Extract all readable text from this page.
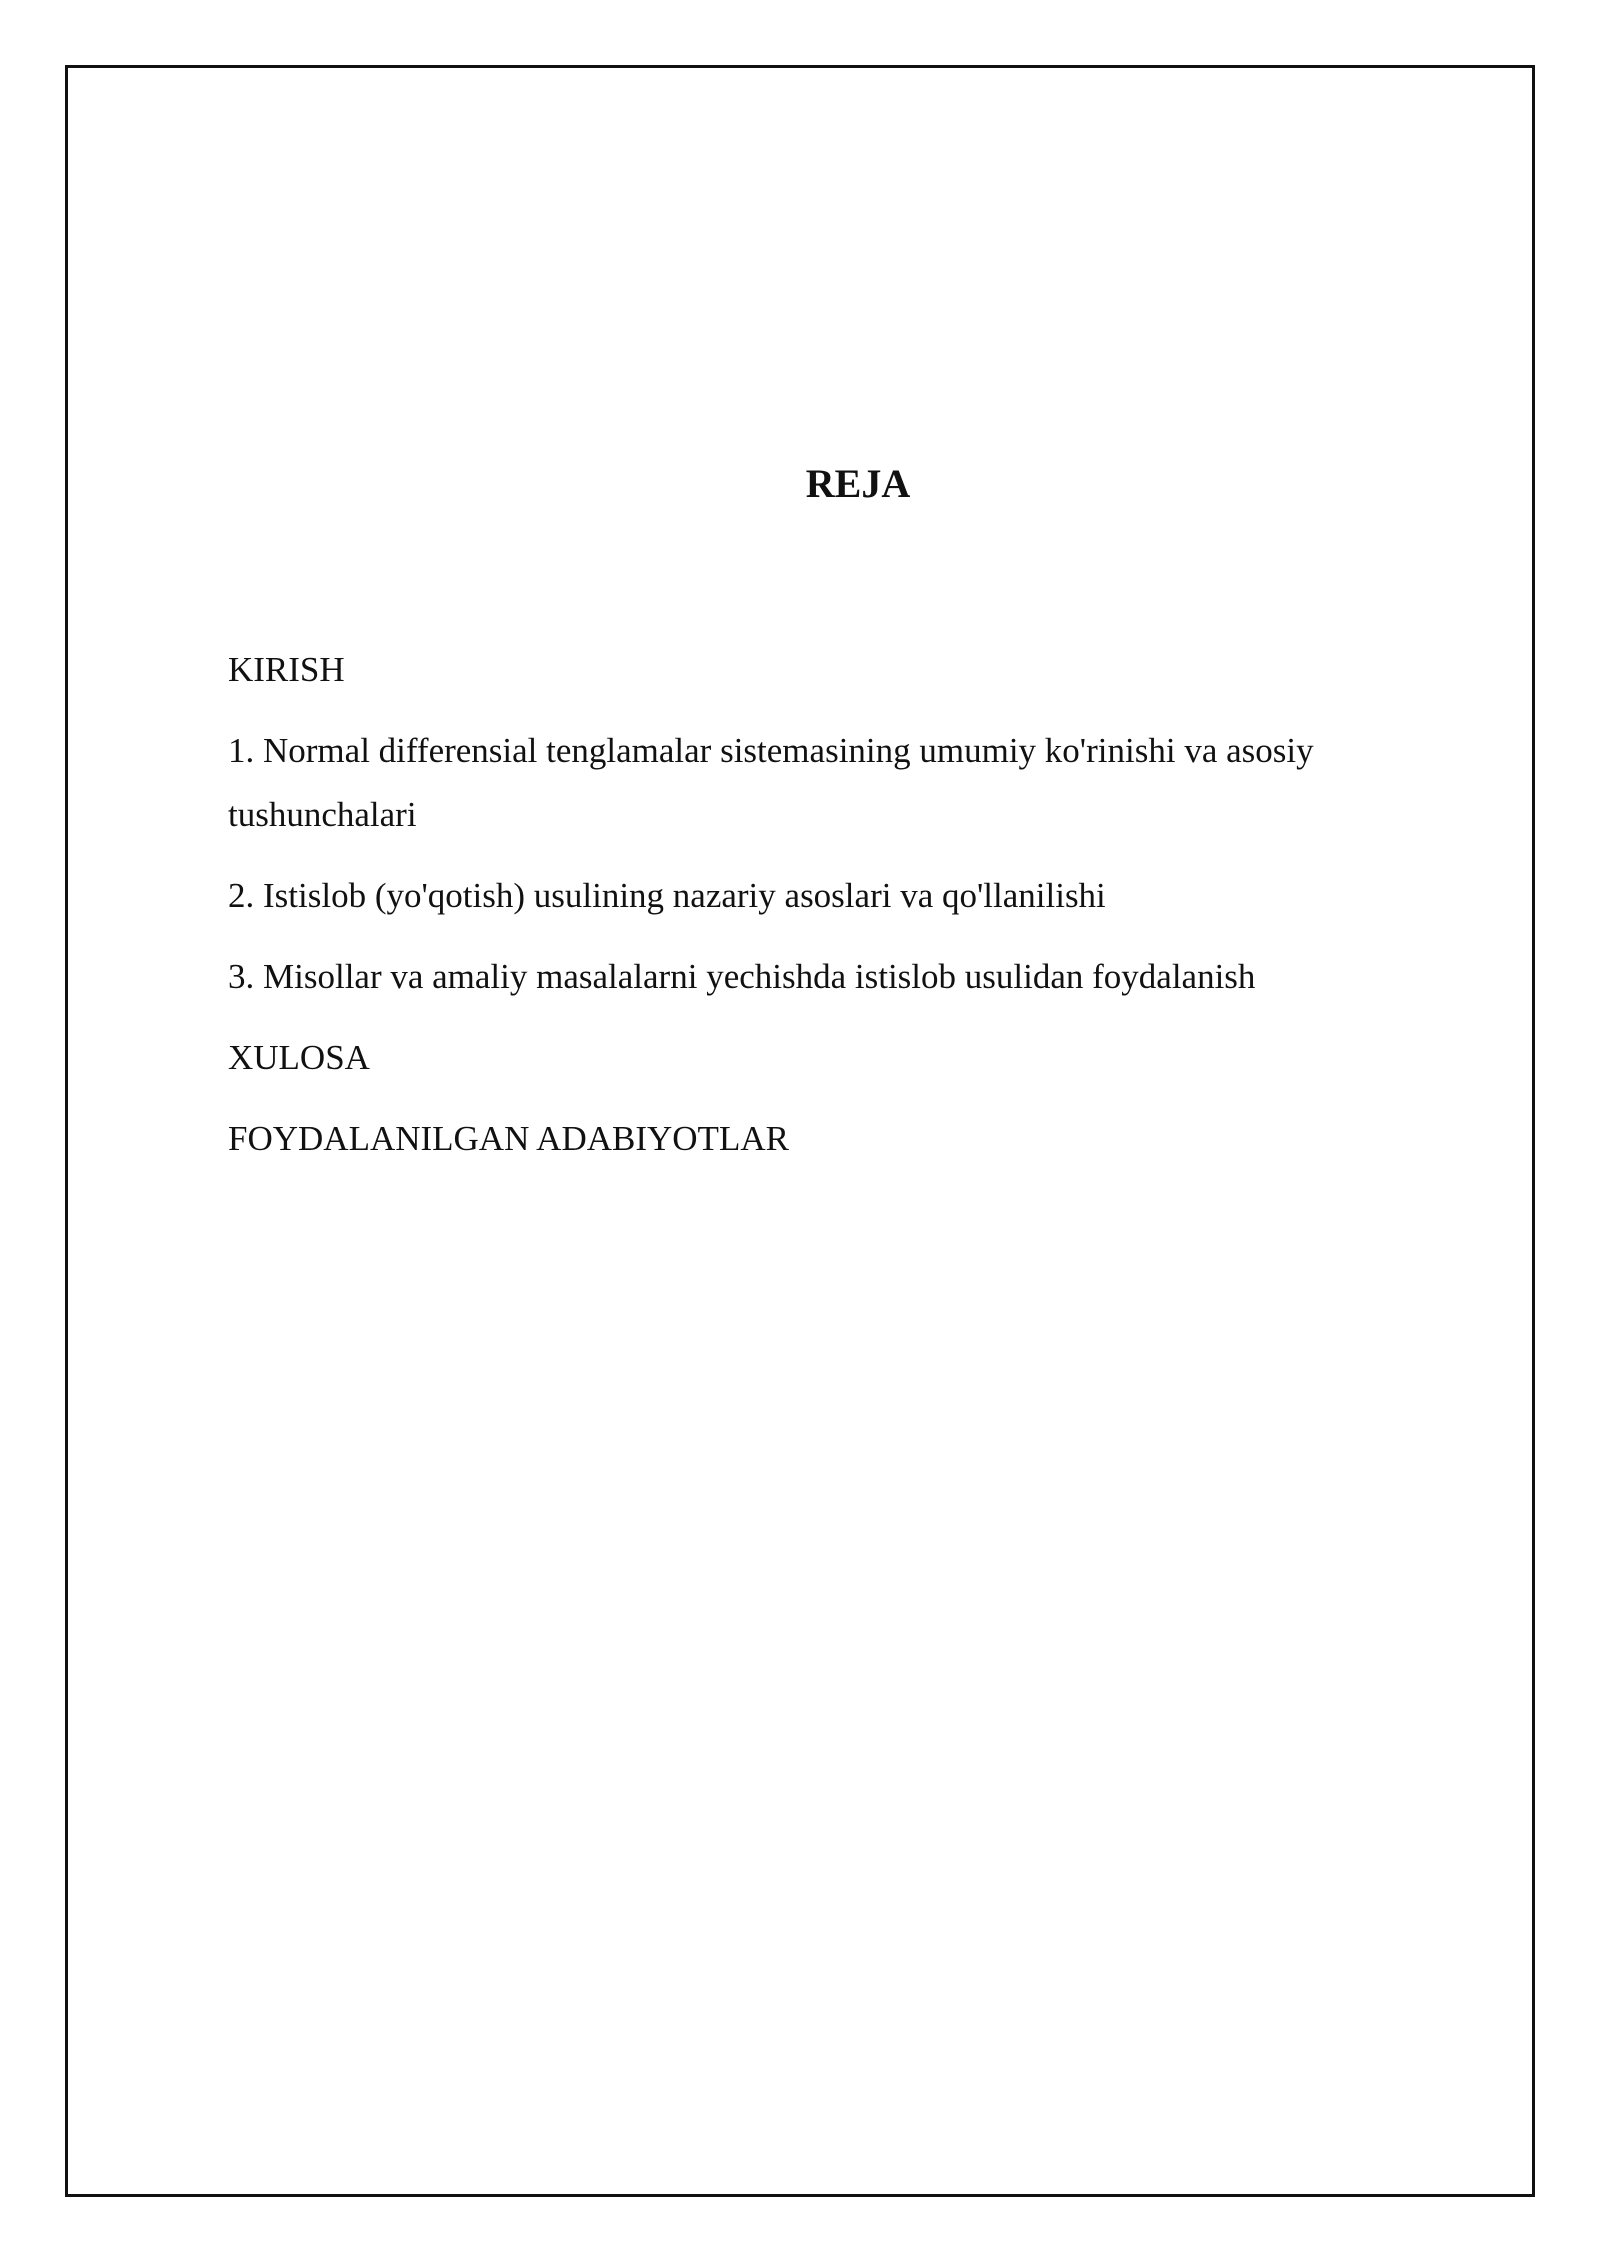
REJA
KIRISH
1. Normal differensial tenglamalar sistemasining umumiy ko'rinishi va asosiy tushunchalari
2. Istislob (yo'qotish) usulining nazariy asoslari va qo'llanilishi
3. Misollar va amaliy masalalarni yechishda istislob usulidan foydalanish
XULOSA
FOYDALANILGAN ADABIYOTLAR
